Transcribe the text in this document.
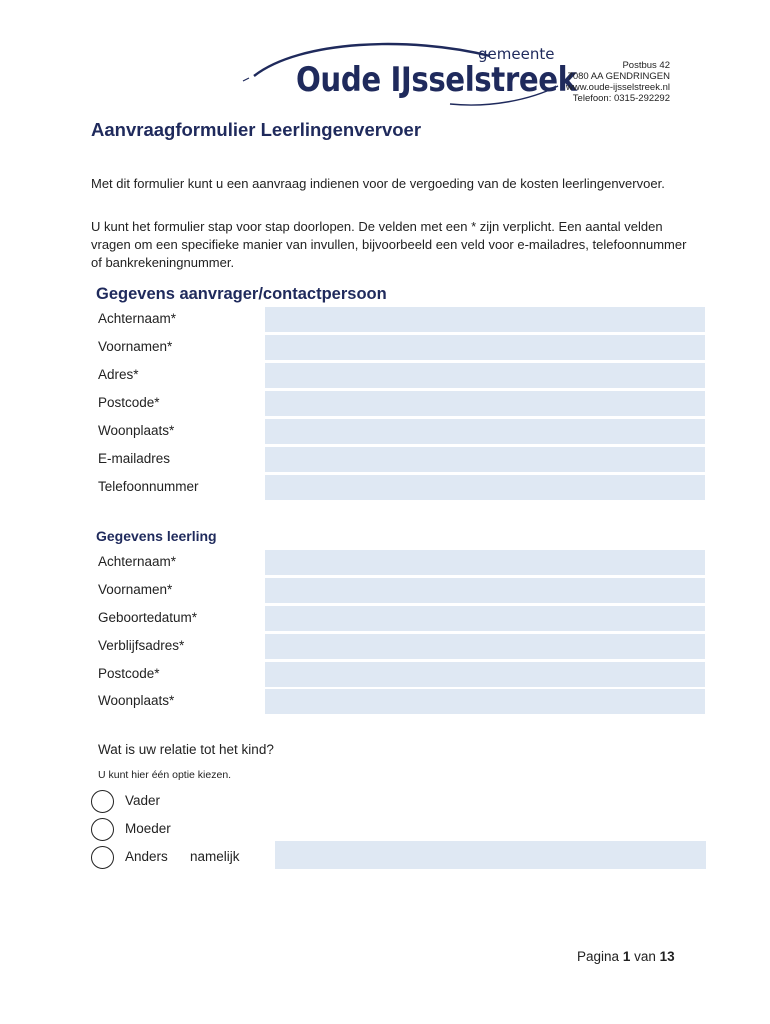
gemeente
Oude IJsselstreek	Postbus 42
7080 AA GENDRINGEN
www.oude-ijsselstreek.nl
Telefoon: 0315-292292
Aanvraagformulier Leerlingenvervoer
Met dit formulier kunt u een aanvraag indienen voor de vergoeding van de kosten leerlingenvervoer.
U kunt het formulier stap voor stap doorlopen. De velden met een * zijn verplicht. Een aantal velden vragen om een specifieke manier van invullen, bijvoorbeeld een veld voor e-mailadres, telefoonnummer of bankrekeningnummer.
Gegevens aanvrager/contactpersoon
Achternaam*
Voornamen*
Adres*
Postcode*
Woonplaats*
E-mailadres
Telefoonnummer
Gegevens leerling
Achternaam*
Voornamen*
Geboortedatum*
Verblijfsadres*
Postcode*
Woonplaats*
Wat is uw relatie tot het kind?
U kunt hier één optie kiezen.
Vader
Moeder
Anders namelijk
Pagina 1 van 13
